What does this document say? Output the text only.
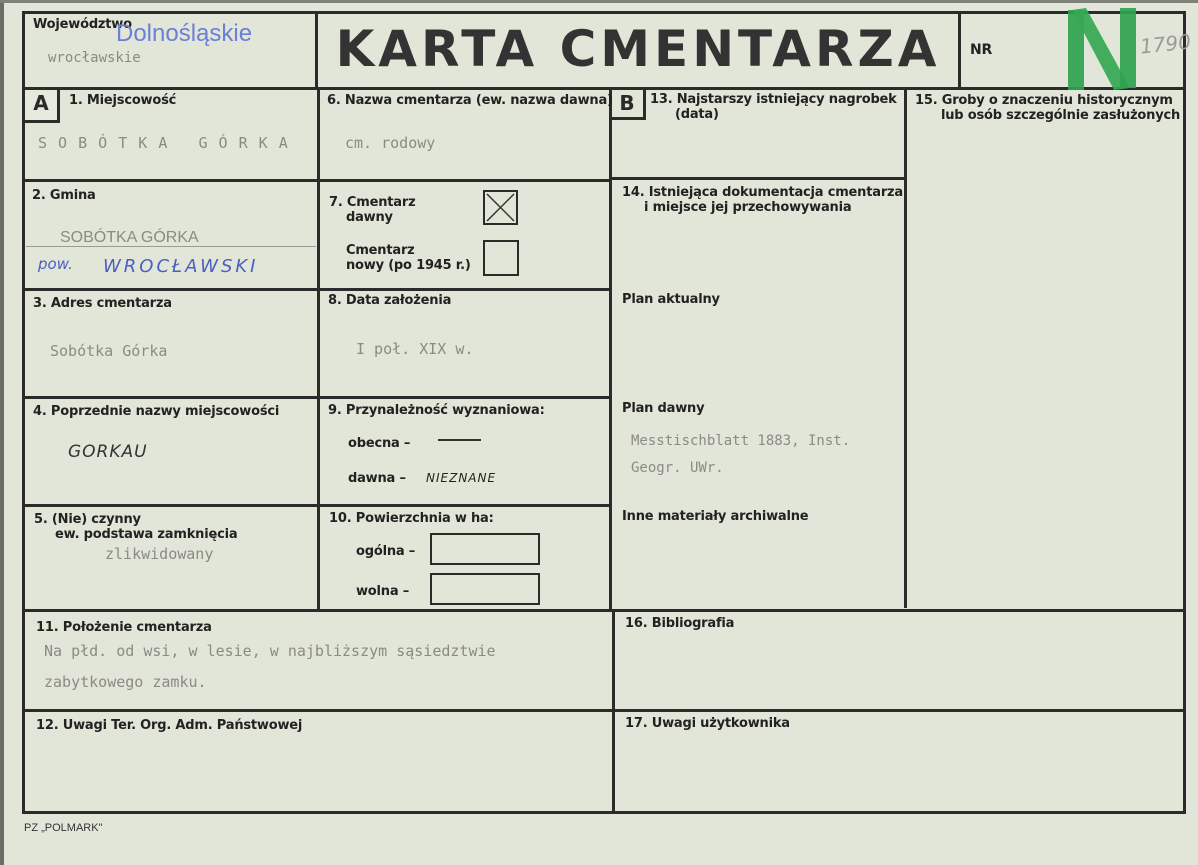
Województwo
Dolnośląskie
wrocławskie	KARTA CMENTARZA	NR	1790
A	1. Miejscowość
S O B Ó T K A   G Ó R K A
2. Gmina
SOBÓTKA GÓRKA
pow. WROCŁAWSKI
3. Adres cmentarza
Sobótka Górka
4. Poprzednie nazwy miejscowości
GORKAU
5. (Nie) czynny
ew. podstawa zamknięcia
zlikwidowany
6. Nazwa cmentarza (ew. nazwa dawna)
cm. rodowy
7. Cmentarz
dawny
Cmentarz
nowy (po 1945 r.)
8. Data założenia
I poł. XIX w.
9. Przynależność wyznaniowa:
obecna –
dawna – NIEZNANE
10. Powierzchnia w ha:
ogólna –
wolna –
11. Położenie cmentarza
Na płd. od wsi, w lesie, w najbliższym sąsiedztwie
zabytkowego zamku.
12. Uwagi Ter. Org. Adm. Państwowej
B	13. Najstarszy istniejący nagrobek
(data)
14. Istniejąca dokumentacja cmentarza
i miejsce jej przechowywania
Plan aktualny
Plan dawny
Messtischblatt 1883, Inst.
Geogr. UWr.
Inne materiały archiwalne
15. Groby o znaczeniu historycznym
lub osób szczególnie zasłużonych
16. Bibliografia
17. Uwagi użytkownika
PZ „POLMARK"
